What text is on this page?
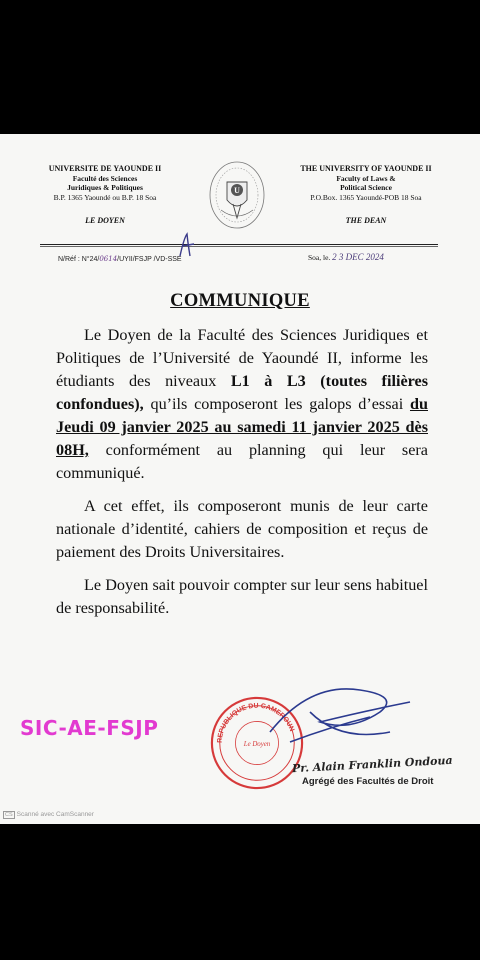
UNIVERSITE DE YAOUNDE II
Faculté des Sciences
Juridiques & Politiques
B.P. 1365 Yaoundé ou B.P. 18 Soa
LE DOYEN
U
THE UNIVERSITY OF YAOUNDE II
Faculty of Laws &
Political Science
P.O.Box. 1365 Yaoundé-POB 18 Soa
THE DEAN
N/Réf : N°24/0614/UYII/FSJP /VD-SSE	Soa, le. 2 3 DEC 2024
COMMUNIQUE

Le Doyen de la Faculté des Sciences Juridiques et Politiques de l’Université de Yaoundé II, informe les étudiants des niveaux L1 à L3 (toutes filières confondues), qu’ils composeront les galops d’essai du Jeudi 09 janvier 2025 au samedi 11 janvier 2025 dès 08H, conformément au planning qui leur sera communiqué.

A cet effet, ils composeront munis de leur carte nationale d’identité, cahiers de composition et reçus de paiement des Droits Universitaires.

Le Doyen sait pouvoir compter sur leur sens habituel de responsabilité.

SIC-AE-FSJP
REPUBLIQUE DU CAMEROUN
Le Doyen
Pr. Alain Franklin Ondoua
Agrégé des Facultés de Droit
CS Scanné avec CamScanner
